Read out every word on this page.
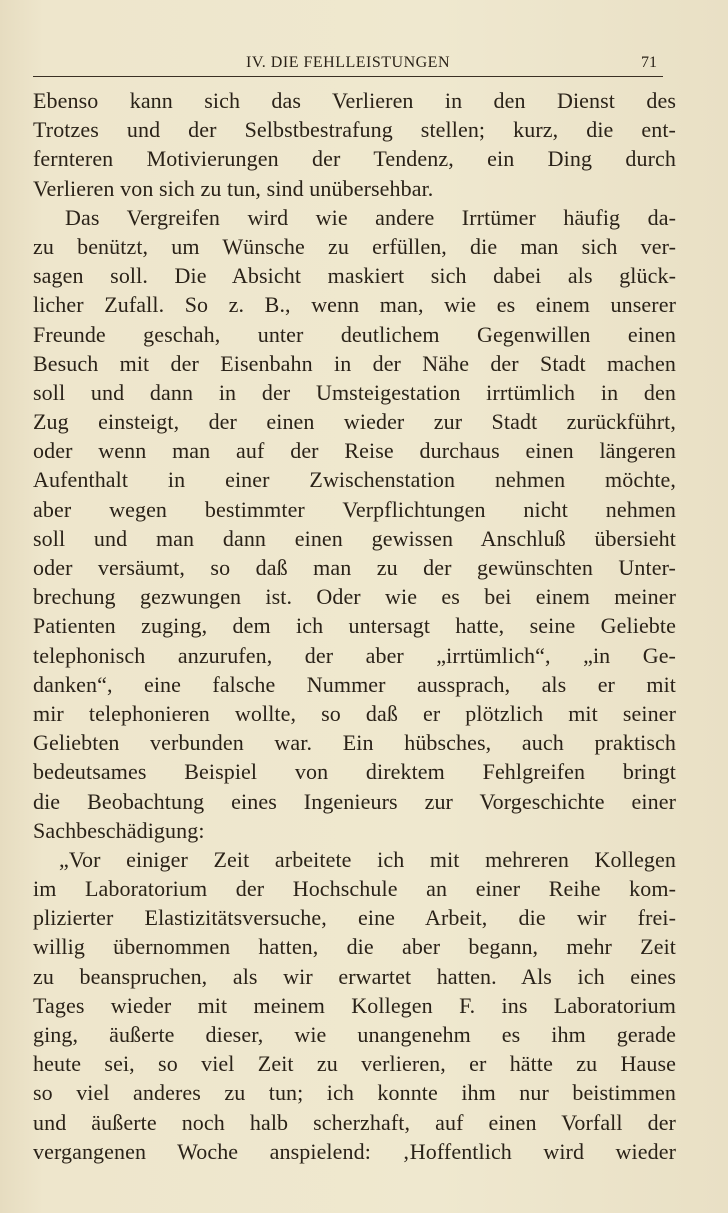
IV. DIE FEHLLEISTUNGEN	71
Ebenso kann sich das Verlieren in den Dienst des
Trotzes und der Selbstbestrafung stellen; kurz, die ent-
fernteren Motivierungen der Tendenz, ein Ding durch
Verlieren von sich zu tun, sind unübersehbar.
Das Vergreifen wird wie andere Irrtümer häufig da-
zu benützt, um Wünsche zu erfüllen, die man sich ver-
sagen soll. Die Absicht maskiert sich dabei als glück-
licher Zufall. So z. B., wenn man, wie es einem unserer
Freunde geschah, unter deutlichem Gegenwillen einen
Besuch mit der Eisenbahn in der Nähe der Stadt machen
soll und dann in der Umsteigestation irrtümlich in den
Zug einsteigt, der einen wieder zur Stadt zurückführt,
oder wenn man auf der Reise durchaus einen längeren
Aufenthalt in einer Zwischenstation nehmen möchte,
aber wegen bestimmter Verpflichtungen nicht nehmen
soll und man dann einen gewissen Anschluß übersieht
oder versäumt, so daß man zu der gewünschten Unter-
brechung gezwungen ist. Oder wie es bei einem meiner
Patienten zuging, dem ich untersagt hatte, seine Geliebte
telephonisch anzurufen, der aber „irrtümlich“, „in Ge-
danken“, eine falsche Nummer aussprach, als er mit
mir telephonieren wollte, so daß er plötzlich mit seiner
Geliebten verbunden war. Ein hübsches, auch praktisch
bedeutsames Beispiel von direktem Fehlgreifen bringt
die Beobachtung eines Ingenieurs zur Vorgeschichte einer
Sachbeschädigung:
„Vor einiger Zeit arbeitete ich mit mehreren Kollegen
im Laboratorium der Hochschule an einer Reihe kom-
plizierter Elastizitätsversuche, eine Arbeit, die wir frei-
willig übernommen hatten, die aber begann, mehr Zeit
zu beanspruchen, als wir erwartet hatten. Als ich eines
Tages wieder mit meinem Kollegen F. ins Laboratorium
ging, äußerte dieser, wie unangenehm es ihm gerade
heute sei, so viel Zeit zu verlieren, er hätte zu Hause
so viel anderes zu tun; ich konnte ihm nur beistimmen
und äußerte noch halb scherzhaft, auf einen Vorfall der
vergangenen Woche anspielend: ‚Hoffentlich wird wieder
